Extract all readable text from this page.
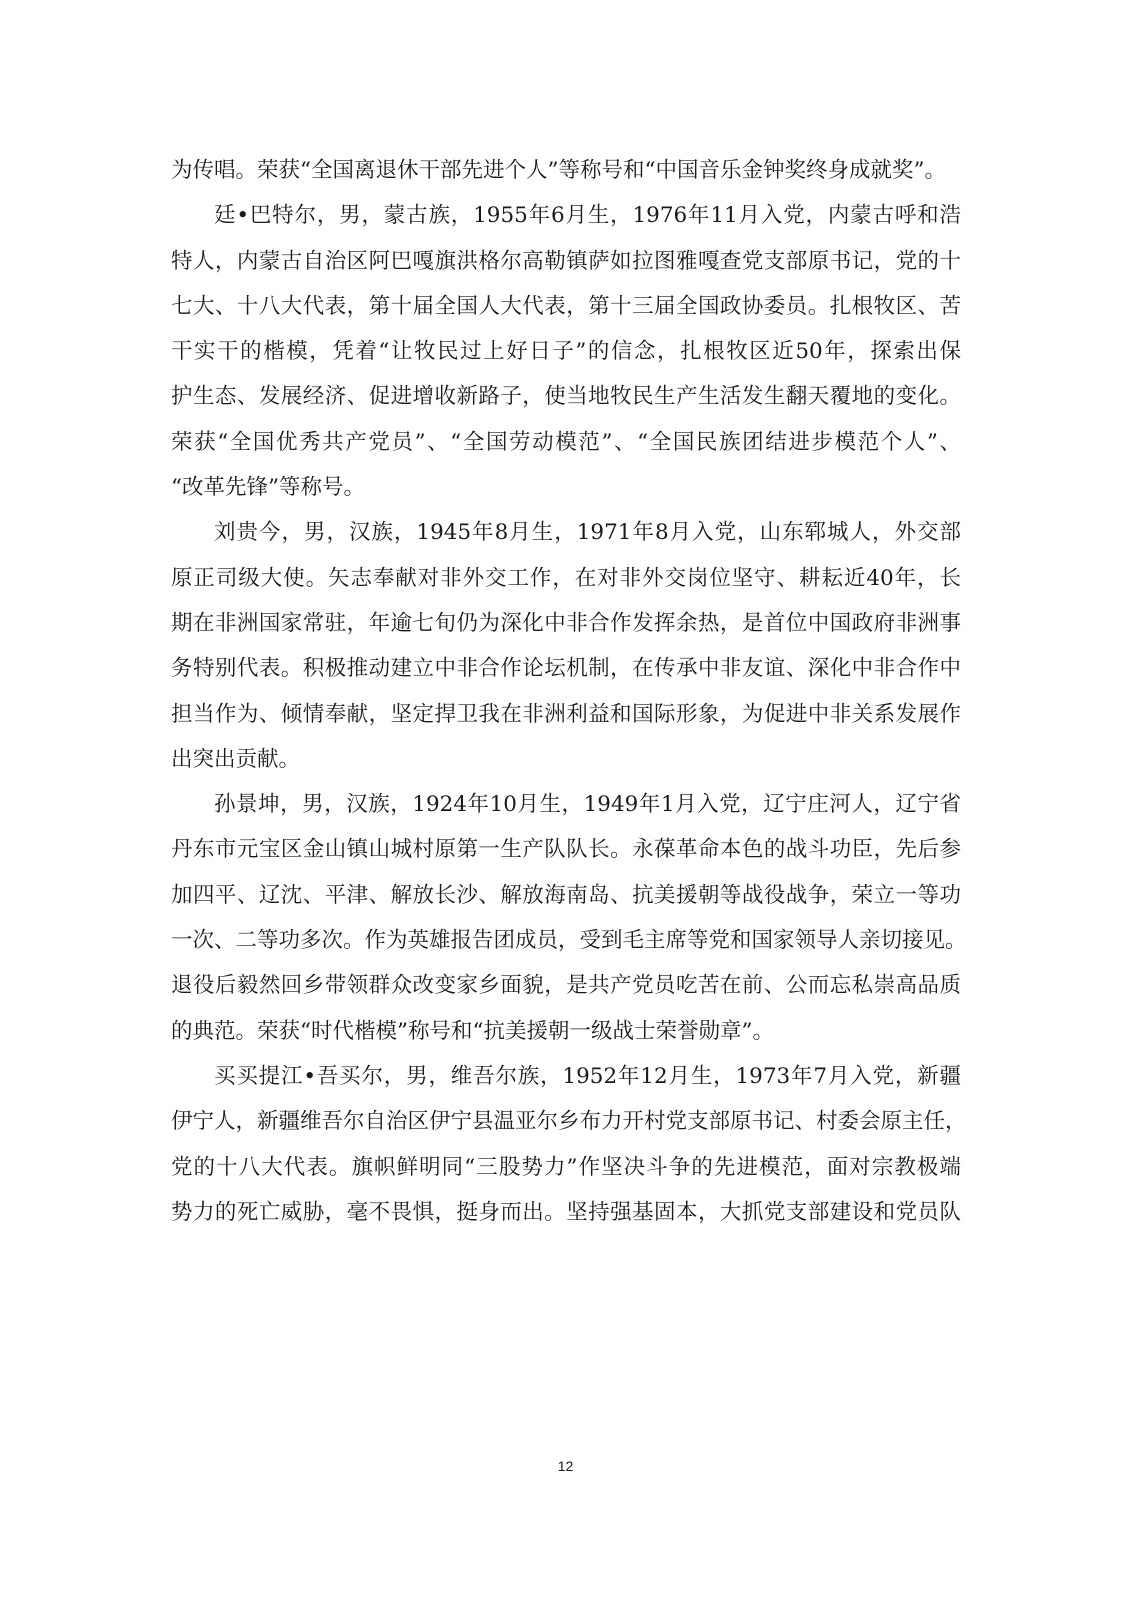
为传唱。荣获“全国离退休干部先进个人”等称号和“中国音乐金钟奖终身成就奖”。
廷•巴特尔，男，蒙古族，1955年6月生，1976年11月入党，内蒙古呼和浩
特人，内蒙古自治区阿巴嘎旗洪格尔高勒镇萨如拉图雅嘎查党支部原书记，党的十
七大、十八大代表，第十届全国人大代表，第十三届全国政协委员。扎根牧区、苦
干实干的楷模，凭着“让牧民过上好日子”的信念，扎根牧区近50年，探索出保
护生态、发展经济、促进增收新路子，使当地牧民生产生活发生翻天覆地的变化。
荣获“全国优秀共产党员”、“全国劳动模范”、“全国民族团结进步模范个人”、
“改革先锋”等称号。
刘贵今，男，汉族，1945年8月生，1971年8月入党，山东郓城人，外交部
原正司级大使。矢志奉献对非外交工作，在对非外交岗位坚守、耕耘近40年，长
期在非洲国家常驻，年逾七旬仍为深化中非合作发挥余热，是首位中国政府非洲事
务特别代表。积极推动建立中非合作论坛机制，在传承中非友谊、深化中非合作中
担当作为、倾情奉献，坚定捍卫我在非洲利益和国际形象，为促进中非关系发展作
出突出贡献。
孙景坤，男，汉族，1924年10月生，1949年1月入党，辽宁庄河人，辽宁省
丹东市元宝区金山镇山城村原第一生产队队长。永葆革命本色的战斗功臣，先后参
加四平、辽沈、平津、解放长沙、解放海南岛、抗美援朝等战役战争，荣立一等功
一次、二等功多次。作为英雄报告团成员，受到毛主席等党和国家领导人亲切接见。
退役后毅然回乡带领群众改变家乡面貌，是共产党员吃苦在前、公而忘私崇高品质
的典范。荣获“时代楷模”称号和“抗美援朝一级战士荣誉勋章”。
买买提江•吾买尔，男，维吾尔族，1952年12月生，1973年7月入党，新疆
伊宁人，新疆维吾尔自治区伊宁县温亚尔乡布力开村党支部原书记、村委会原主任，
党的十八大代表。旗帜鲜明同“三股势力”作坚决斗争的先进模范，面对宗教极端
势力的死亡威胁，毫不畏惧，挺身而出。坚持强基固本，大抓党支部建设和党员队
12
